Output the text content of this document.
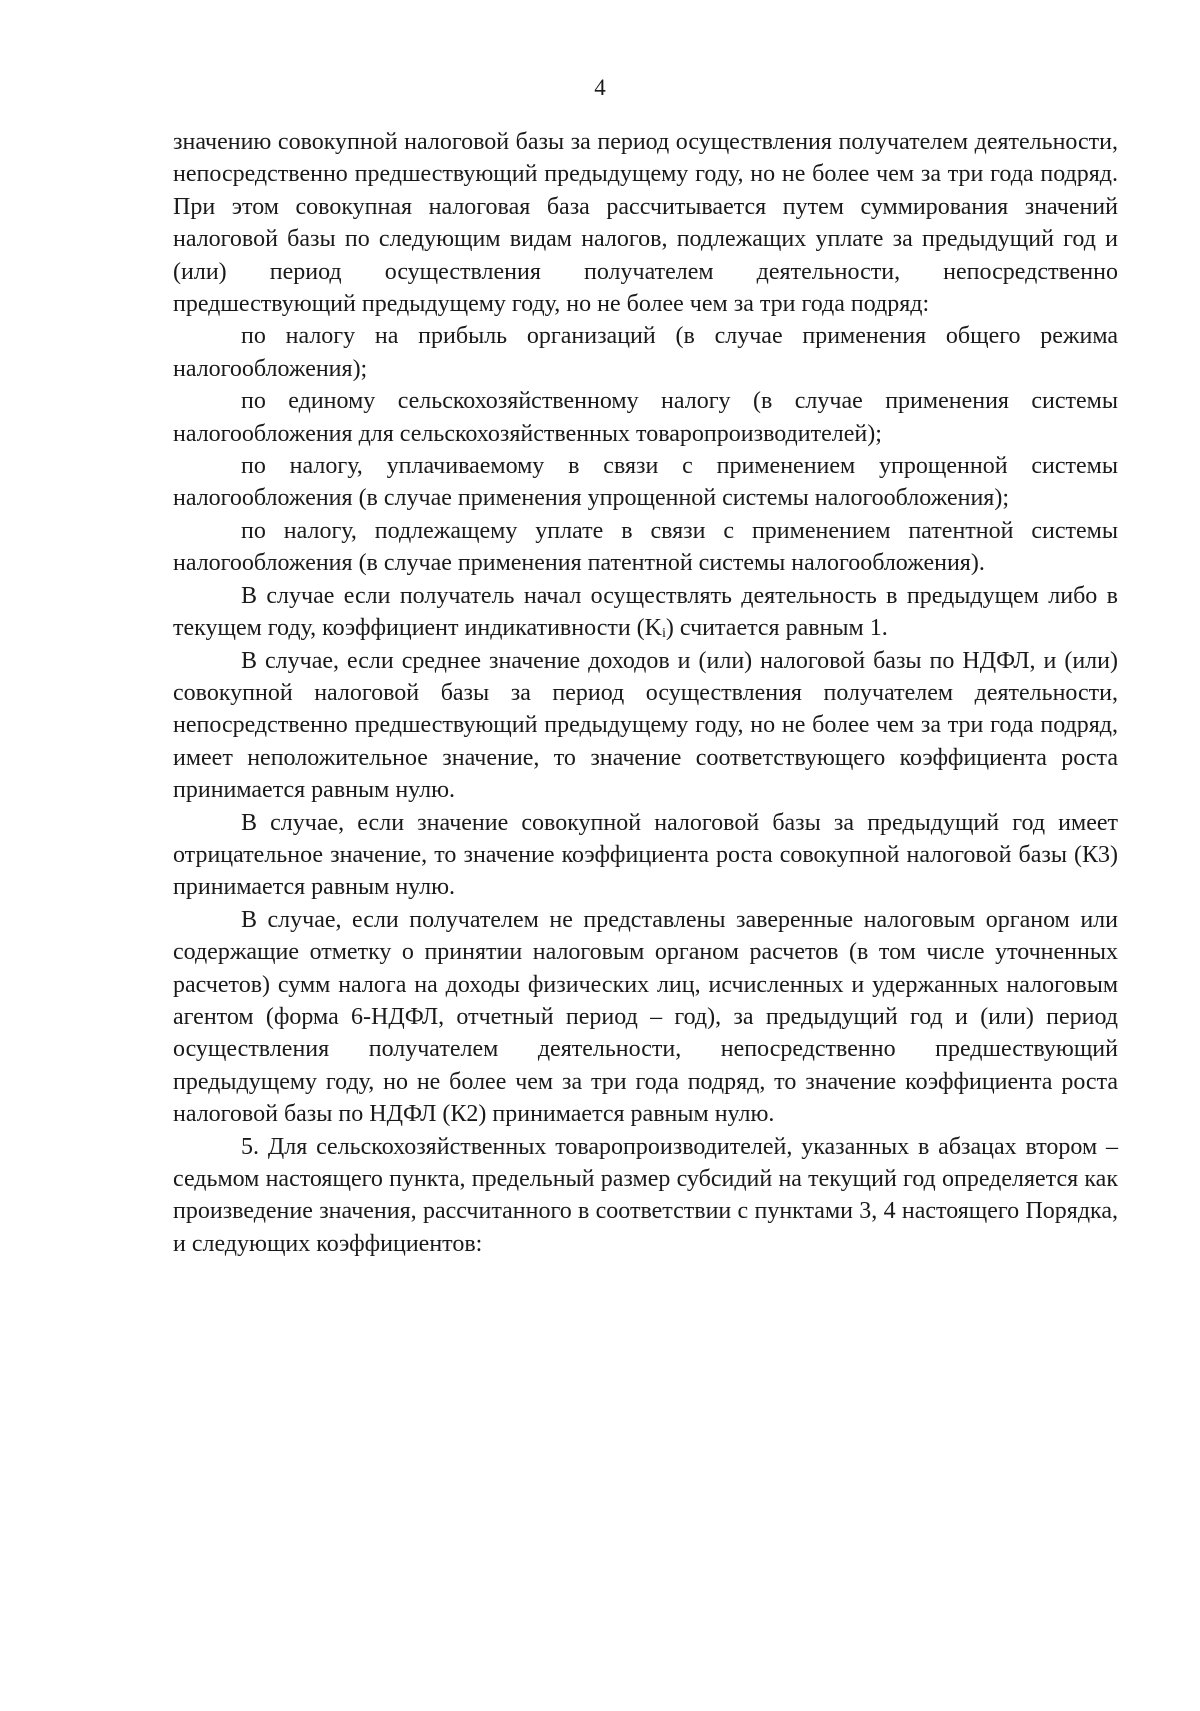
4

значению совокупной налоговой базы за период осуществления получателем деятельности, непосредственно предшествующий предыдущему году, но не более чем за три года подряд. При этом совокупная налоговая база рассчитывается путем суммирования значений налоговой базы по следующим видам налогов, подлежащих уплате за предыдущий год и (или) период осуществления получателем деятельности, непосредственно предшествующий предыдущему году, но не более чем за три года подряд:

по налогу на прибыль организаций (в случае применения общего режима налогообложения);

по единому сельскохозяйственному налогу (в случае применения системы налогообложения для сельскохозяйственных товаропроизводителей);

по налогу, уплачиваемому в связи с применением упрощенной системы налогообложения (в случае применения упрощенной системы налогообложения);

по налогу, подлежащему уплате в связи с применением патентной системы налогообложения (в случае применения патентной системы налогообложения).

В случае если получатель начал осуществлять деятельность в предыдущем либо в текущем году, коэффициент индикативности (Kᵢ) считается равным 1.

В случае, если среднее значение доходов и (или) налоговой базы по НДФЛ, и (или) совокупной налоговой базы за период осуществления получателем деятельности, непосредственно предшествующий предыдущему году, но не более чем за три года подряд, имеет неположительное значение, то значение соответствующего коэффициента роста принимается равным нулю.

В случае, если значение совокупной налоговой базы за предыдущий год имеет отрицательное значение, то значение коэффициента роста совокупной налоговой базы (К3) принимается равным нулю.

В случае, если получателем не представлены заверенные налоговым органом или содержащие отметку о принятии налоговым органом расчетов (в том числе уточненных расчетов) сумм налога на доходы физических лиц, исчисленных и удержанных налоговым агентом (форма 6-НДФЛ, отчетный период – год), за предыдущий год и (или) период осуществления получателем деятельности, непосредственно предшествующий предыдущему году, но не более чем за три года подряд, то значение коэффициента роста налоговой базы по НДФЛ (К2) принимается равным нулю.

5. Для сельскохозяйственных товаропроизводителей, указанных в абзацах втором – седьмом настоящего пункта, предельный размер субсидий на текущий год определяется как произведение значения, рассчитанного в соответствии с пунктами 3, 4 настоящего Порядка, и следующих коэффициентов:
